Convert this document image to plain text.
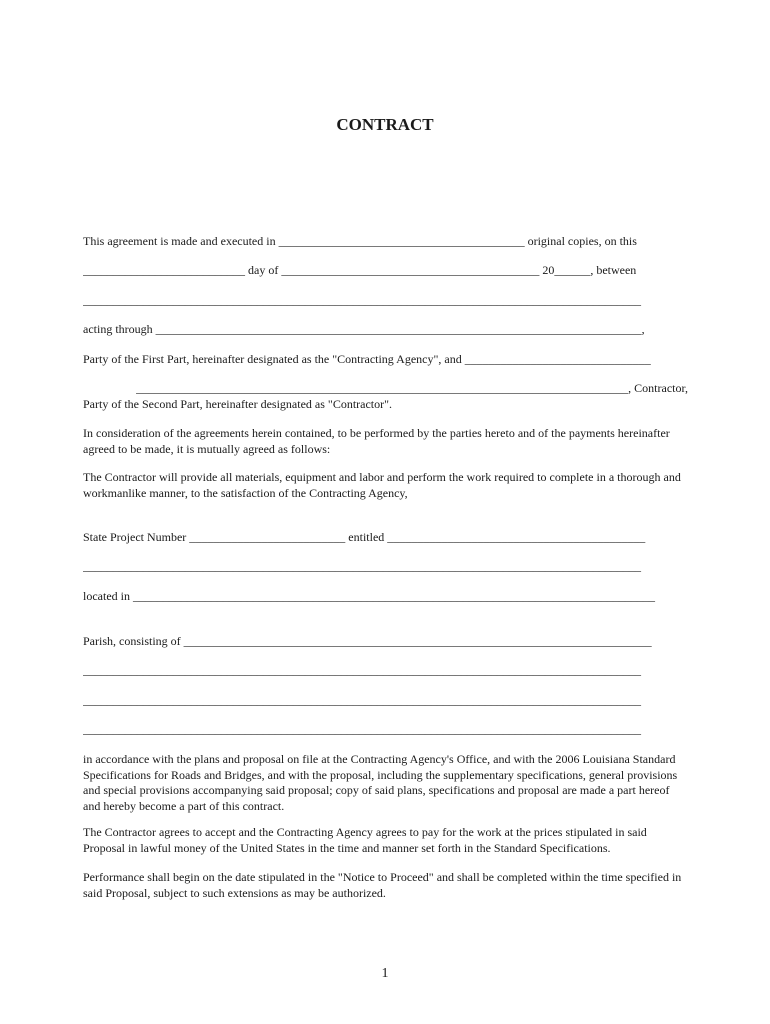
CONTRACT

This agreement is made and executed in _________________________________________ original copies, on this

___________________________ day of ___________________________________________ 20______, between

_____________________________________________________________________________________________

acting through _________________________________________________________________________________,

Party of the First Part, hereinafter designated as the "Contracting Agency", and _______________________________

__________________________________________________________________________________, Contractor,

Party of the Second Part, hereinafter designated as "Contractor".

In consideration of the agreements herein contained, to be performed by the parties hereto and of the payments hereinafter agreed to be made, it is mutually agreed as follows:

The Contractor will provide all materials, equipment and labor and perform the work required to complete in a thorough and workmanlike manner, to the satisfaction of the Contracting Agency,

State Project Number __________________________ entitled ___________________________________________

_____________________________________________________________________________________________

located in _______________________________________________________________________________________

Parish, consisting of ______________________________________________________________________________

_____________________________________________________________________________________________

_____________________________________________________________________________________________

_____________________________________________________________________________________________

in accordance with the plans and proposal on file at the Contracting Agency's Office, and with the 2006 Louisiana Standard Specifications for Roads and Bridges, and with the proposal, including the supplementary specifications, general provisions and special provisions accompanying said proposal; copy of said plans, specifications and proposal are made a part hereof and hereby become a part of this contract.

The Contractor agrees to accept and the Contracting Agency agrees to pay for the work at the prices stipulated in said Proposal in lawful money of the United States in the time and manner set forth in the Standard Specifications.

Performance shall begin on the date stipulated in the "Notice to Proceed" and shall be completed within the time specified in said Proposal, subject to such extensions as may be authorized.

1
